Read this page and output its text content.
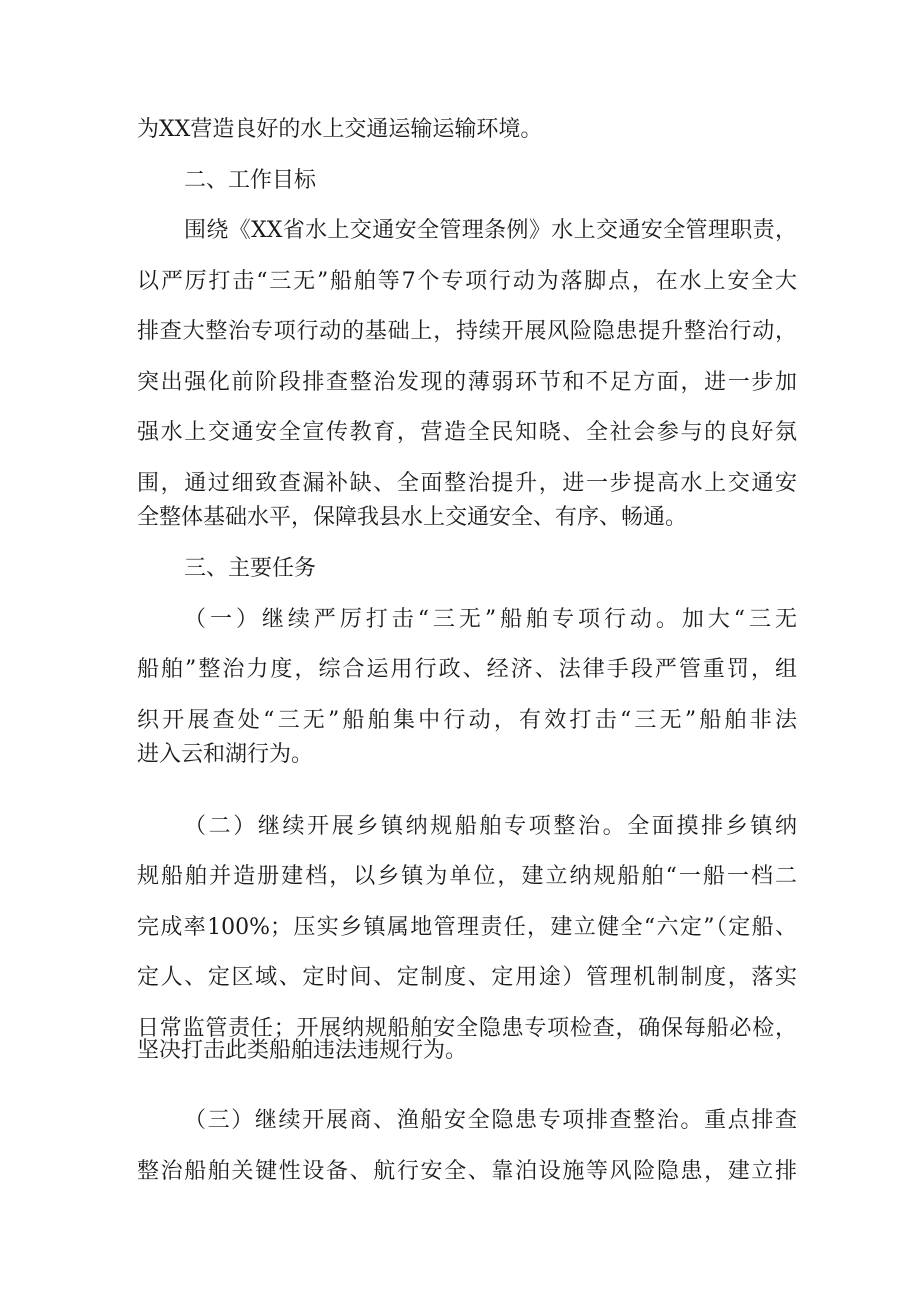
为XX营造良好的水上交通运输运输环境。
二、工作目标
围绕《XX省水上交通安全管理条例》水上交通安全管理职责，
以严厉打击“三无”船舶等7个专项行动为落脚点，在水上安全大
排查大整治专项行动的基础上，持续开展风险隐患提升整治行动，
突出强化前阶段排查整治发现的薄弱环节和不足方面，进一步加
强水上交通安全宣传教育，营造全民知晓、全社会参与的良好氛
围，通过细致查漏补缺、全面整治提升，进一步提高水上交通安
全整体基础水平，保障我县水上交通安全、有序、畅通。
三、主要任务
（一）继续严厉打击“三无”船舶专项行动。加大“三无
船舶”整治力度，综合运用行政、经济、法律手段严管重罚，组
织开展查处“三无”船舶集中行动，有效打击“三无”船舶非法
进入云和湖行为。
（二）继续开展乡镇纳规船舶专项整治。全面摸排乡镇纳
规船舶并造册建档，以乡镇为单位，建立纳规船舶“一船一档二
完成率100%；压实乡镇属地管理责任，建立健全“六定”（定船、
定人、定区域、定时间、定制度、定用途）管理机制制度，落实
日常监管责任；开展纳规船舶安全隐患专项检查，确保每船必检，
坚决打击此类船舶违法违规行为。
（三）继续开展商、渔船安全隐患专项排查整治。重点排查
整治船舶关键性设备、航行安全、靠泊设施等风险隐患，建立排
